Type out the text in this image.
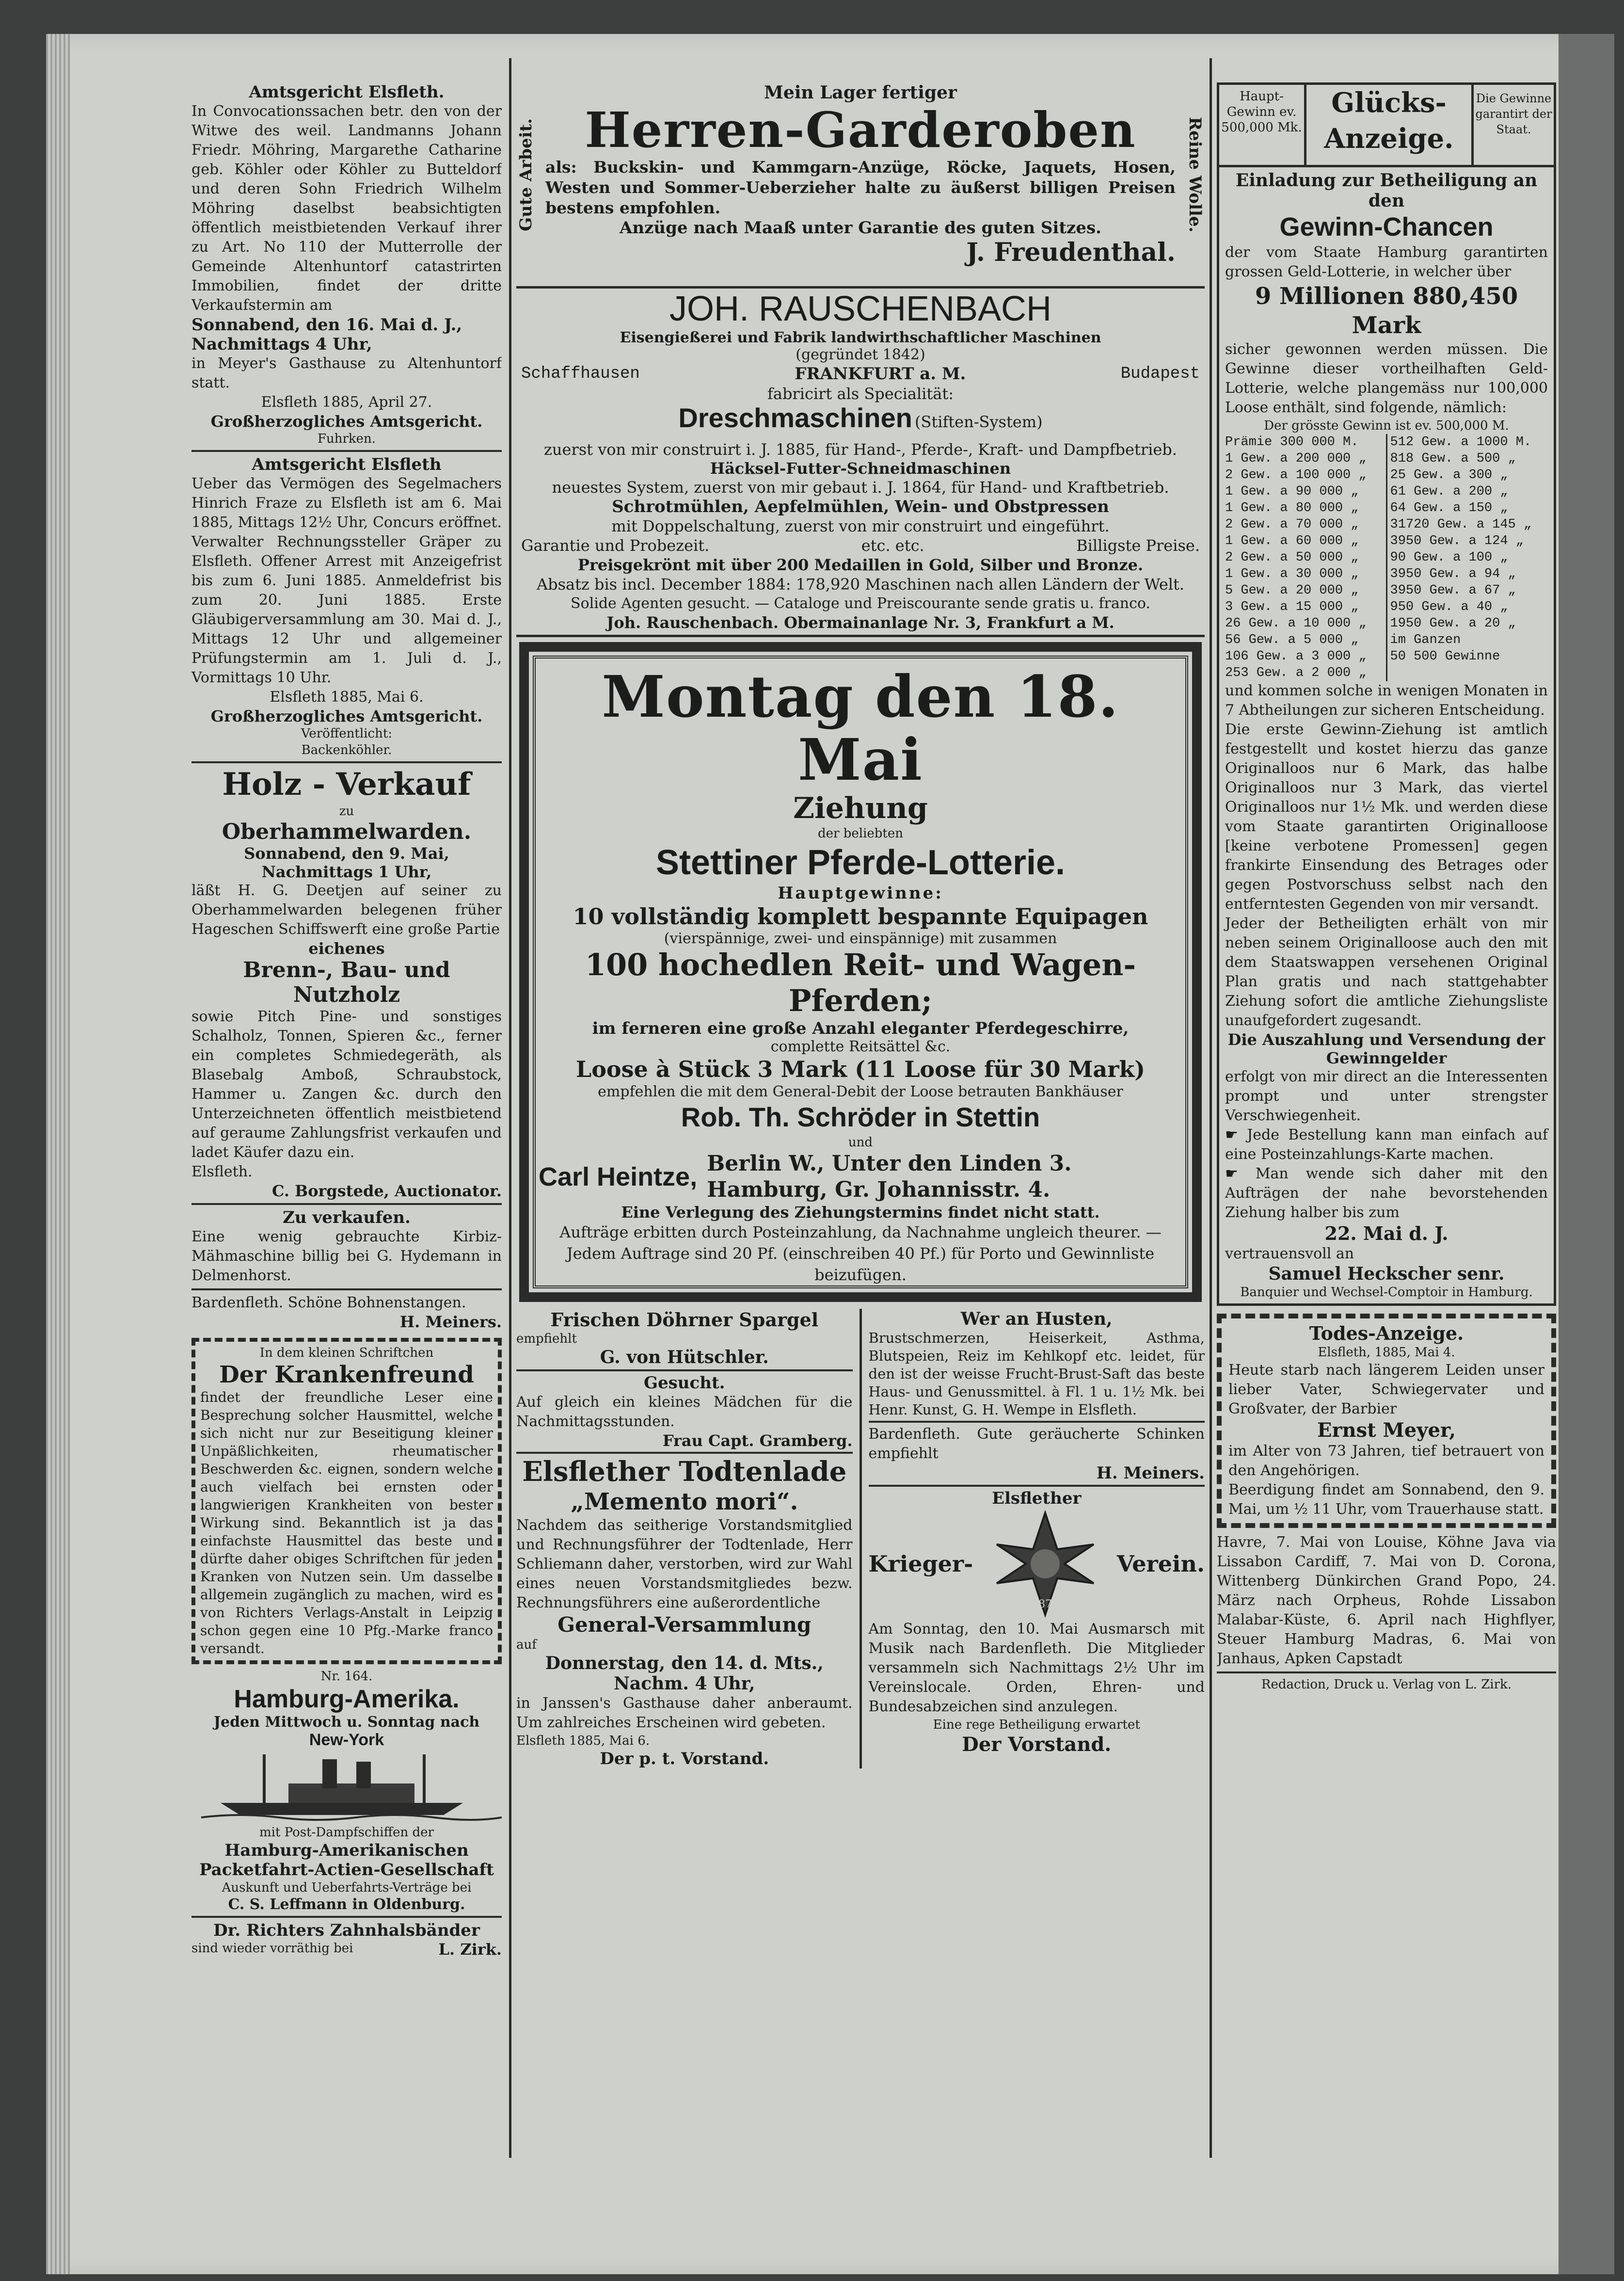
Amtsgericht Elsfleth.

In Convocationssachen betr. den von der Witwe des weil. Landmanns Johann Friedr. Möhring, Margarethe Catharine geb. Köhler oder Köhler zu Butteldorf und deren Sohn Friedrich Wilhelm Möhring daselbst beabsichtigten öffentlich meistbietenden Verkauf ihrer zu Art. No 110 der Mutterrolle der Gemeinde Altenhuntorf catastrirten Immobilien, findet der dritte Verkaufstermin am

Sonnabend, den 16. Mai d. J., Nachmittags 4 Uhr,

in Meyer's Gasthause zu Altenhuntorf statt.

Elsfleth 1885, April 27.

Großherzogliches Amtsgericht.
Fuhrken.
Amtsgericht Elsfleth

Ueber das Vermögen des Segelmachers Hinrich Fraze zu Elsfleth ist am 6. Mai 1885, Mittags 12½ Uhr, Concurs eröffnet. Verwalter Rechnungssteller Gräper zu Elsfleth. Offener Arrest mit Anzeigefrist bis zum 6. Juni 1885. Anmeldefrist bis zum 20. Juni 1885. Erste Gläubigerversammlung am 30. Mai d. J., Mittags 12 Uhr und allgemeiner Prüfungstermin am 1. Juli d. J., Vormittags 10 Uhr.

Elsfleth 1885, Mai 6.

Großherzogliches Amtsgericht.
Veröffentlicht:
Backenköhler.
Holz - Verkauf
zu
Oberhammelwarden.
Sonnabend, den 9. Mai, Nachmittags 1 Uhr,

läßt H. G. Deetjen auf seiner zu Oberhammelwarden belegenen früher Hageschen Schiffswerft eine große Partie

eichenes
Brenn-, Bau- und Nutzholz

sowie Pitch Pine- und sonstiges Schalholz, Tonnen, Spieren &c., ferner ein completes Schmiedegeräth, als Blasebalg Amboß, Schraubstock, Hammer u. Zangen &c. durch den Unterzeichneten öffentlich meistbietend auf geraume Zahlungsfrist verkaufen und ladet Käufer dazu ein.

Elsfleth.

C. Borgstede, Auctionator.
Zu verkaufen.

Eine wenig gebrauchte Kirbiz-Mähmaschine billig bei G. Hydemann in Delmenhorst.

Bardenfleth. Schöne Bohnenstangen.

H. Meiners.
In dem kleinen Schriftchen
Der Krankenfreund

findet der freundliche Leser eine Besprechung solcher Hausmittel, welche sich nicht nur zur Beseitigung kleiner Unpäßlichkeiten, rheumatischer Beschwerden &c. eignen, sondern welche auch vielfach bei ernsten oder langwierigen Krankheiten von bester Wirkung sind. Bekanntlich ist ja das einfachste Hausmittel das beste und dürfte daher obiges Schriftchen für jeden Kranken von Nutzen sein. Um dasselbe allgemein zugänglich zu machen, wird es von Richters Verlags-Anstalt in Leipzig schon gegen eine 10 Pfg.-Marke franco versandt.

Nr. 164.
Hamburg-Amerika.
Jeden Mittwoch u. Sonntag nach
New-York
mit Post-Dampfschiffen der
Hamburg-Amerikanischen Packetfahrt-Actien-Gesellschaft
Auskunft und Ueberfahrts-Verträge bei
C. S. Leffmann in Oldenburg.
Dr. Richters Zahnhalsbänder
sind wieder vorräthig bei	L. Zirk.
Gute Arbeit.	Reine Wolle.
Mein Lager fertiger
Herren-Garderoben

als: Buckskin- und Kammgarn-Anzüge, Röcke, Jaquets, Hosen, Westen und Sommer-Ueberzieher halte zu äußerst billigen Preisen bestens empfohlen.

Anzüge nach Maaß unter Garantie des guten Sitzes.
J. Freudenthal.
JOH. RAUSCHENBACH
Eisengießerei und Fabrik landwirthschaftlicher Maschinen
(gegründet 1842)
Schaffhausen	FRANKFURT a. M.	Budapest
fabricirt als Specialität:
Dreschmaschinen (Stiften-System)

zuerst von mir construirt i. J. 1885, für Hand-, Pferde-, Kraft- und Dampfbetrieb.

Häcksel-Futter-Schneidmaschinen

neuestes System, zuerst von mir gebaut i. J. 1864, für Hand- und Kraftbetrieb.

Schrotmühlen, Aepfelmühlen, Wein- und Obstpressen

mit Doppelschaltung, zuerst von mir construirt und eingeführt.

Garantie und Probezeit.	etc. etc.	Billigste Preise.

Preisgekrönt mit über 200 Medaillen in Gold, Silber und Bronze.

Absatz bis incl. December 1884: 178,920 Maschinen nach allen Ländern der Welt.

Solide Agenten gesucht. — Cataloge und Preiscourante sende gratis u. franco.

Joh. Rauschenbach. Obermainanlage Nr. 3, Frankfurt a M.
Montag den 18. Mai
Ziehung
der beliebten
Stettiner Pferde-Lotterie.
Hauptgewinne:
10 vollständig komplett bespannte Equipagen
(vierspännige, zwei- und einspännige) mit zusammen
100 hochedlen Reit- und Wagen-Pferden;
im ferneren eine große Anzahl eleganter Pferdegeschirre,
complette Reitsättel &c.
Loose à Stück 3 Mark (11 Loose für 30 Mark)
empfehlen die mit dem General-Debit der Loose betrauten Bankhäuser
Rob. Th. Schröder in Stettin
und
Carl Heintze, Berlin W., Unter den Linden 3.
Hamburg, Gr. Johannisstr. 4.
Eine Verlegung des Ziehungstermins findet nicht statt.

Aufträge erbitten durch Posteinzahlung, da Nachnahme ungleich theurer. — Jedem Auftrage sind 20 Pf. (einschreiben 40 Pf.) für Porto und Gewinnliste beizufügen.

Frischen Döhrner Spargel
empfiehlt
G. von Hütschler.
Gesucht.

Auf gleich ein kleines Mädchen für die Nachmittagsstunden.

Frau Capt. Gramberg.
Elsflether Todtenlade
„Memento mori“.

Nachdem das seitherige Vorstandsmitglied und Rechnungsführer der Todtenlade, Herr Schliemann daher, verstorben, wird zur Wahl eines neuen Vorstandsmitgliedes bezw. Rechnungsführers eine außerordentliche

General-Versammlung
auf
Donnerstag, den 14. d. Mts., Nachm. 4 Uhr,

in Janssen's Gasthause daher anberaumt. Um zahlreiches Erscheinen wird gebeten.

Elsfleth 1885, Mai 6.
Der p. t. Vorstand.
Wer an Husten,

Brustschmerzen, Heiserkeit, Asthma, Blutspeien, Reiz im Kehlkopf etc. leidet, für den ist der weisse Frucht-Brust-Saft das beste Haus- und Genussmittel. à Fl. 1 u. 1½ Mk. bei Henr. Kunst, G. H. Wempe in Elsfleth.

Bardenfleth. Gute geräucherte Schinken empfiehlt

H. Meiners.
Elsflether
Krieger-
1870
Verein.

Am Sonntag, den 10. Mai Ausmarsch mit Musik nach Bardenfleth. Die Mitglieder versammeln sich Nachmittags 2½ Uhr im Vereinslocale. Orden, Ehren- und Bundesabzeichen sind anzulegen.

Eine rege Betheiligung erwartet
Der Vorstand.
Haupt-Gewinn ev. 500,000 Mk.
Glücks-
Anzeige.
Die Gewinne garantirt der Staat.
Einladung zur Betheiligung an den
Gewinn-Chancen

der vom Staate Hamburg garantirten grossen Geld-Lotterie, in welcher über

9 Millionen 880,450 Mark

sicher gewonnen werden müssen. Die Gewinne dieser vortheilhaften Geld-Lotterie, welche plangemäss nur 100,000 Loose enthält, sind folgende, nämlich:

Der grösste Gewinn ist ev. 500,000 M.
Prämie 300 000 M.
1 Gew. a 200 000 „
2 Gew. a 100 000 „
1 Gew. a 90 000 „
1 Gew. a 80 000 „
2 Gew. a 70 000 „
1 Gew. a 60 000 „
2 Gew. a 50 000 „
1 Gew. a 30 000 „
5 Gew. a 20 000 „
3 Gew. a 15 000 „
26 Gew. a 10 000 „
56 Gew. a 5 000 „
106 Gew. a 3 000 „
253 Gew. a 2 000 „
512 Gew. a 1000 M.
818 Gew. a 500 „
25 Gew. a 300 „
61 Gew. a 200 „
64 Gew. a 150 „
31720 Gew. a 145 „
3950 Gew. a 124 „
90 Gew. a 100 „
3950 Gew. a 94 „
3950 Gew. a 67 „
950 Gew. a 40 „
1950 Gew. a 20 „
im Ganzen
50 500 Gewinne

und kommen solche in wenigen Monaten in 7 Abtheilungen zur sicheren Entscheidung.

Die erste Gewinn-Ziehung ist amtlich festgestellt und kostet hierzu das ganze Originalloos nur 6 Mark, das halbe Originalloos nur 3 Mark, das viertel Originalloos nur 1½ Mk. und werden diese vom Staate garantirten Originalloose [keine verbotene Promessen] gegen frankirte Einsendung des Betrages oder gegen Postvorschuss selbst nach den entferntesten Gegenden von mir versandt.

Jeder der Betheiligten erhält von mir neben seinem Originalloose auch den mit dem Staatswappen versehenen Original Plan gratis und nach stattgehabter Ziehung sofort die amtliche Ziehungsliste unaufgefordert zugesandt.

Die Auszahlung und Versendung der Gewinngelder

erfolgt von mir direct an die Interessenten prompt und unter strengster Verschwiegenheit.

☛ Jede Bestellung kann man einfach auf eine Posteinzahlungs-Karte machen.

☛ Man wende sich daher mit den Aufträgen der nahe bevorstehenden Ziehung halber bis zum

22. Mai d. J.

vertrauensvoll an

Samuel Heckscher senr.
Banquier und Wechsel-Comptoir in Hamburg.
Todes-Anzeige.
Elsfleth, 1885, Mai 4.

Heute starb nach längerem Leiden unser lieber Vater, Schwiegervater und Großvater, der Barbier

Ernst Meyer,

im Alter von 73 Jahren, tief betrauert von den Angehörigen.

Beerdigung findet am Sonnabend, den 9. Mai, um ½ 11 Uhr, vom Trauerhause statt.

Havre, 7. Mai von Louise, Köhne Java via Lissabon Cardiff, 7. Mai von D. Corona, Wittenberg Dünkirchen Grand Popo, 24. März nach Orpheus, Rohde Lissabon Malabar-Küste, 6. April nach Highflyer, Steuer Hamburg Madras, 6. Mai von Janhaus, Apken Capstadt

Redaction, Druck u. Verlag von L. Zirk.
